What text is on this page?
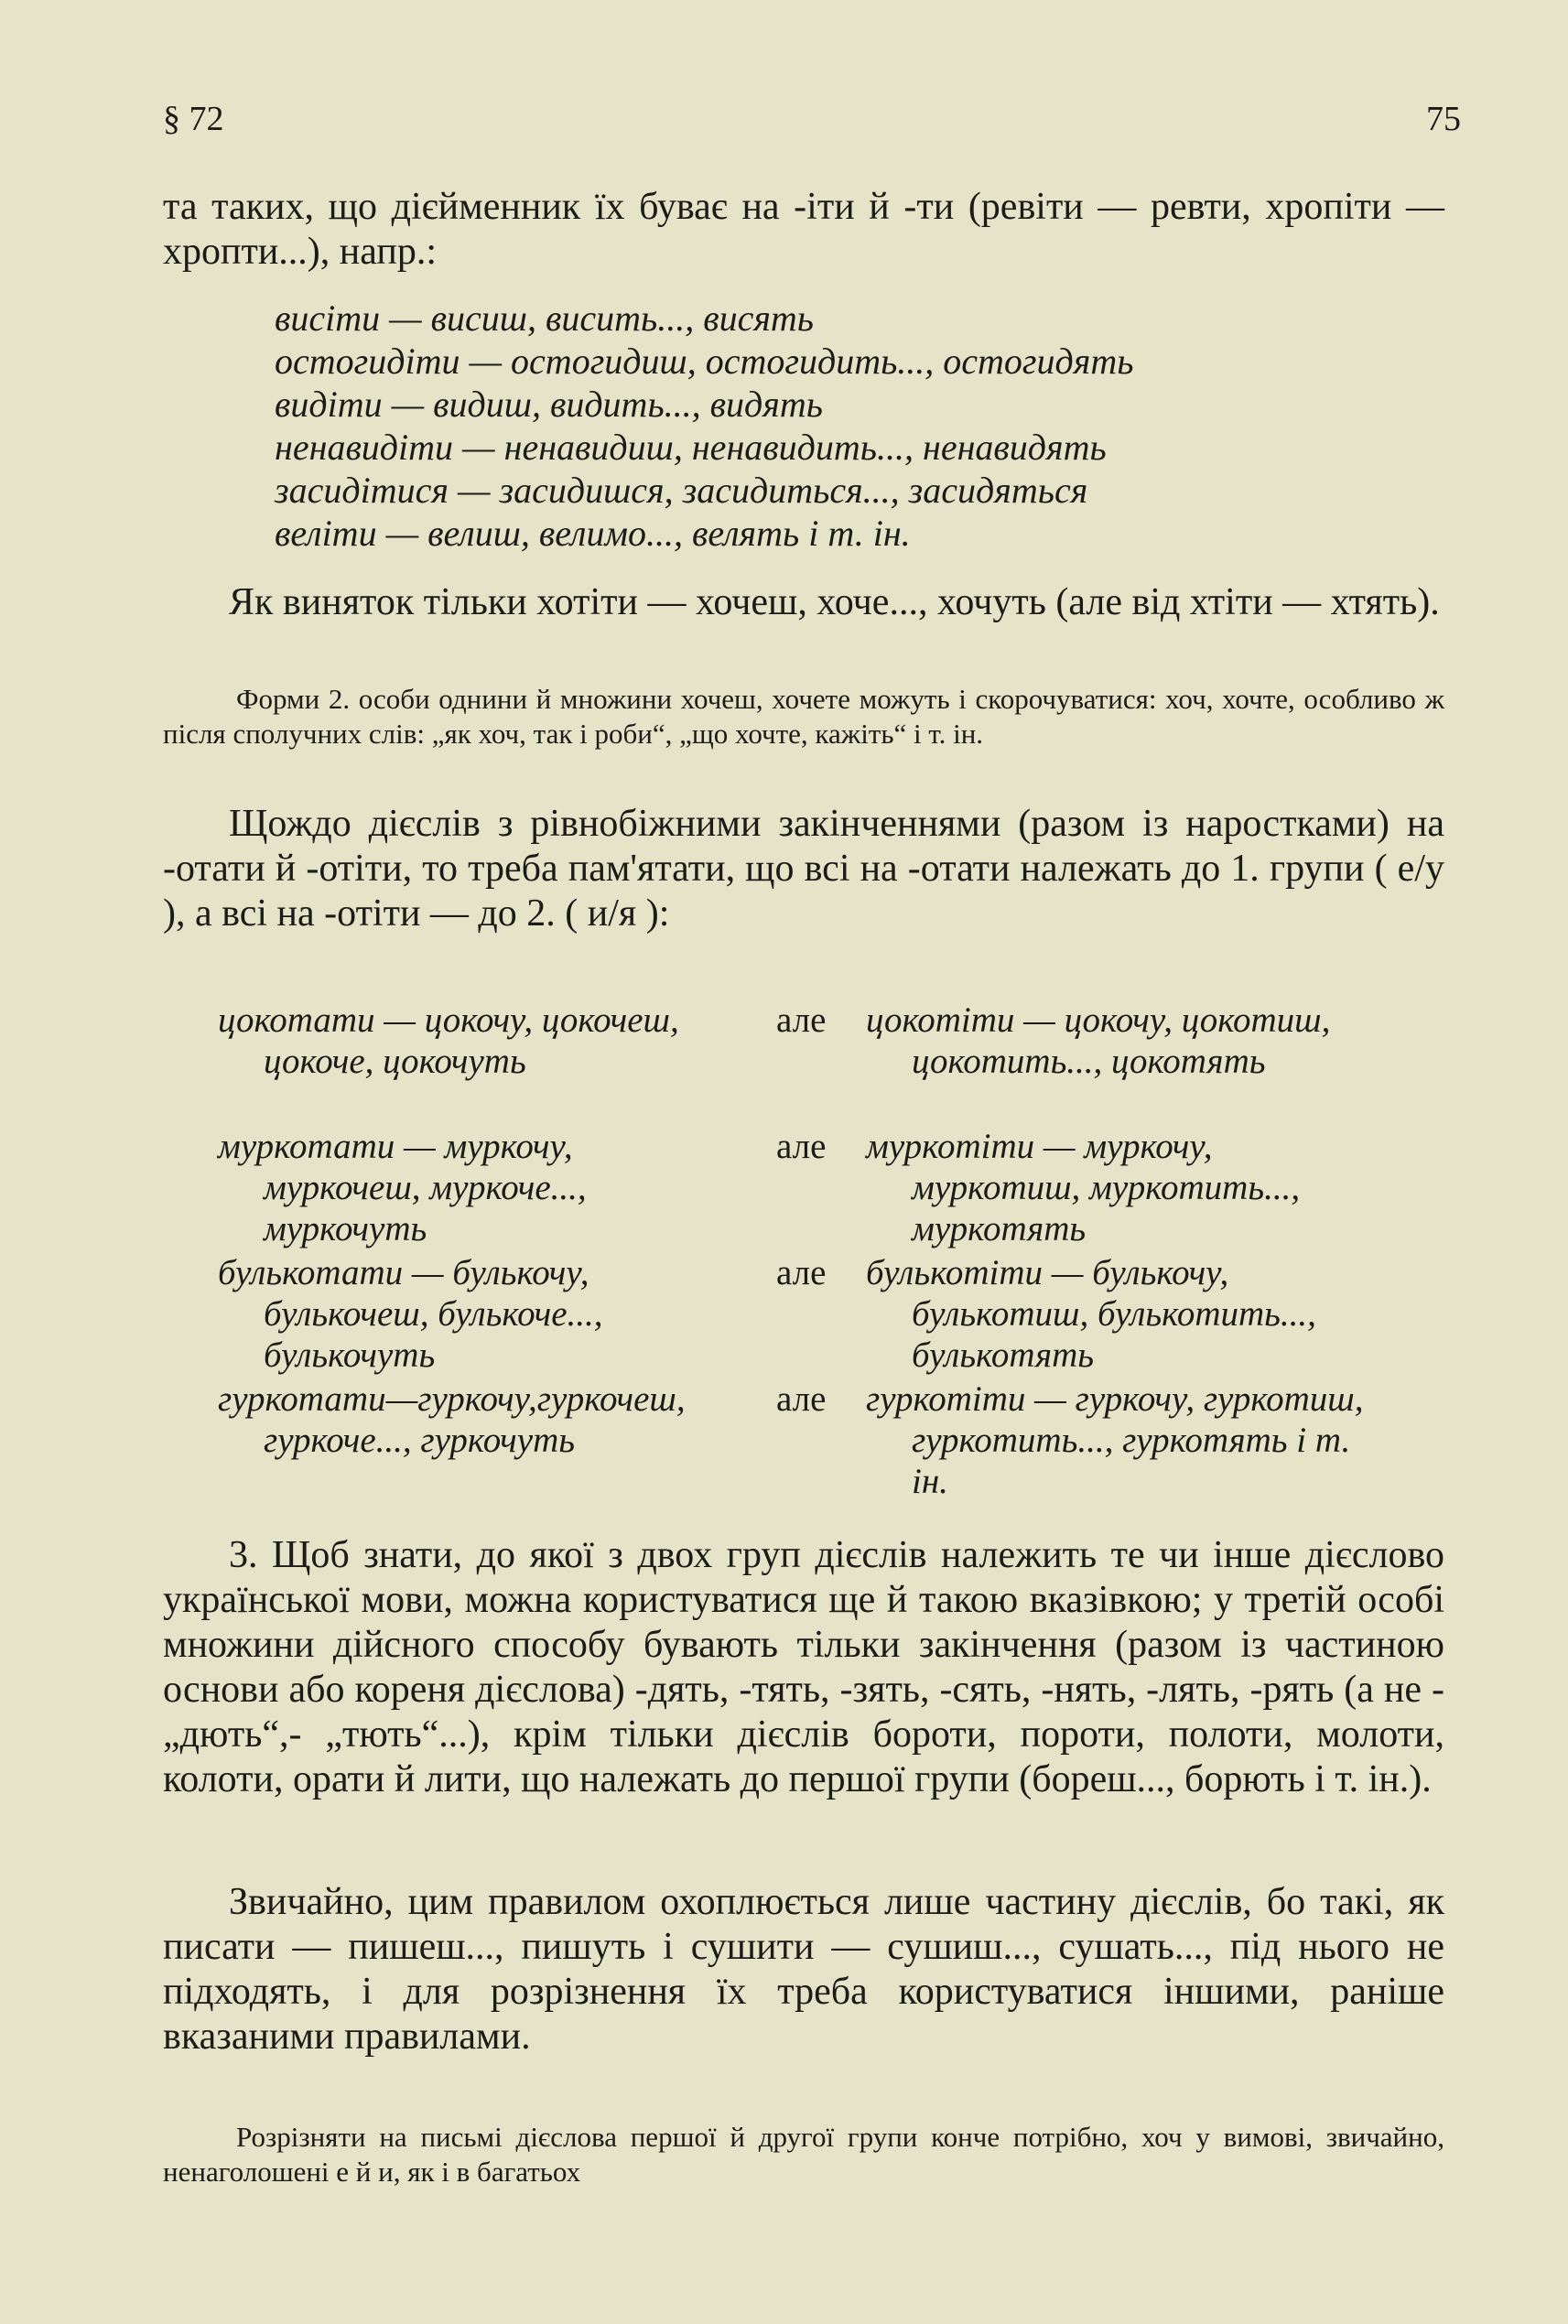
§ 72	75

та таких, що дієйменник їх буває на -іти й -ти (ревіти — ревти, хропіти — хропти...), напр.:

висіти — висиш, висить..., висять
остогидіти — остогидиш, остогидить..., остогидять
видіти — видиш, видить..., видять
ненавидіти — ненавидиш, ненавидить..., ненавидять
засидітися — засидишся, засидиться..., засидяться
веліти — велиш, велимо..., велять і т. ін.

Як виняток тільки хотіти — хочеш, хоче..., хочуть (але від хтіти — хтять).

Форми 2. особи однини й множини хочеш, хочете можуть і скорочуватися: хоч, хочте, особливо ж після сполучних слів: „як хоч, так і роби“, „що хочте, кажіть“ і т. ін.

Щождо дієслів з рівнобіжними закінченнями (разом із наростками) на -отати й -отіти, то треба пам'ятати, що всі на -отати належать до 1. групи ( е/у ), а всі на -отіти — до 2. ( и/я ):

цокотати — цокочу, цокочеш, цокоче, цокочуть
цокотіти — цокочу, цокотиш, цокотить..., цокотять
муркотати — муркочу, муркочеш, муркоче..., муркочуть
муркотіти — муркочу, муркотиш, муркотить..., муркотять
булькотати — булькочу, булькочеш, булькоче..., булькочуть
булькотіти — булькочу, булькотиш, булькотить..., булькотять
гуркотати—гуркочу,гуркочеш, гуркоче..., гуркочуть
гуркотіти — гуркочу, гуркотиш, гуркотить..., гуркотять і т. ін.
але
але
але
але

3. Щоб знати, до якої з двох груп дієслів належить те чи інше дієслово української мови, можна користуватися ще й такою вказівкою; у третій особі множини дійсного способу бувають тільки закінчення (разом із частиною основи або кореня дієслова) -дять, -тять, -зять, -сять, -нять, -лять, -рять (а не -„дють“,- „тють“...), крім тільки дієслів бороти, пороти, полоти, молоти, колоти, орати й лити, що належать до першої групи (бореш..., борють і т. ін.).

Звичайно, цим правилом охоплюється лише частину дієслів, бо такі, як писати — пишеш..., пишуть і сушити — сушиш..., сушать..., під нього не підходять, і для розрізнення їх треба користуватися іншими, раніше вказаними правилами.

Розрізняти на письмі дієслова першої й другої групи конче потрібно, хоч у вимові, звичайно, ненаголошені е й и, як і в багатьох
